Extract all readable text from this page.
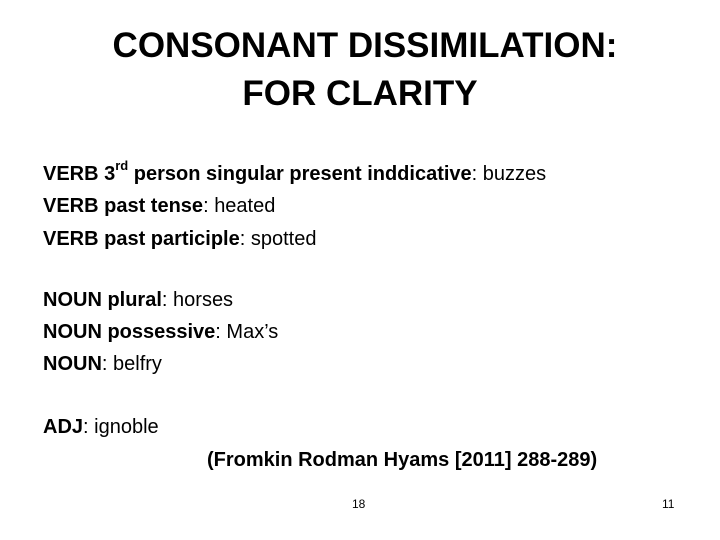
CONSONANT DISSIMILATION:
FOR CLARITY
VERB 3rd person singular present inddicative: buzzes
VERB past tense: heated
VERB past participle: spotted
NOUN plural: horses
NOUN possessive: Max’s
NOUN: belfry
ADJ: ignoble
(Fromkin Rodman Hyams [2011] 288-289)
18	11
